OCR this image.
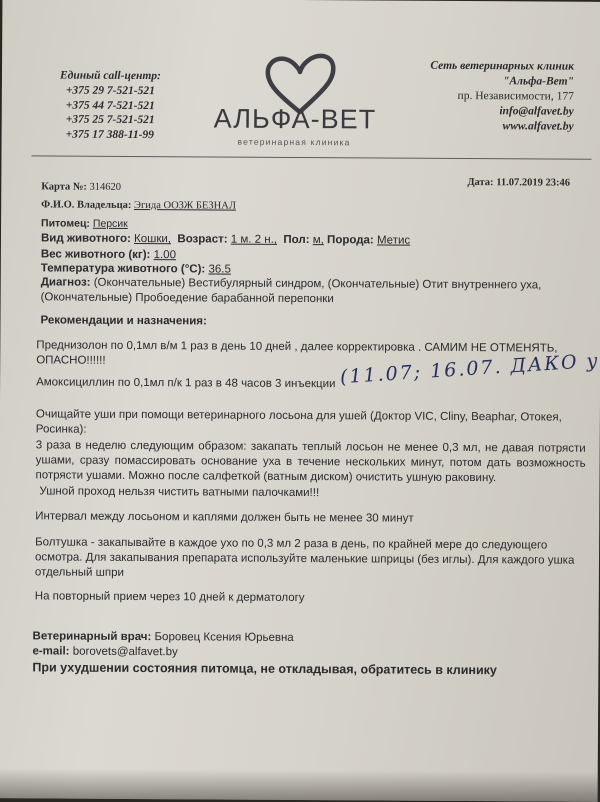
Единый call-центр:
+375 29 7-521-521
+375 44 7-521-521
+375 25 7-521-521
+375 17 388-11-99
АЛЬФА-ВЕТ
ветеринарная клиника
Сеть ветеринарных клиник
"Альфа-Вет"
пр. Независимости, 177
info@alfavet.by
www.alfavet.by
Карта №: 314620	Дата: 11.07.2019 23:46
Ф.И.О. Владельца: Эгида ООЗЖ БЕЗНАЛ
Питомец: Персик
Вид животного: Кошки, Возраст: 1 м. 2 н., Пол: м, Порода: Метис
Вес животного (кг): 1.00
Температура животного (°С): 36.5
Диагноз: (Окончательные) Вестибулярный синдром, (Окончательные) Отит внутреннего уха, (Окончательные) Пробоедение барабанной перепонки
Рекомендации и назначения:
Преднизолон по 0,1мл в/м 1 раз в день 10 дней , далее корректировка . САМИМ НЕ ОТМЕНЯТЬ, ОПАСНО!!!!!!
Амоксициллин по 0,1мл п/к 1 раз в 48 часов 3 инъекции (11.07; 16.07. ДАКО у
Очищайте уши при помощи ветеринарного лосьона для ушей (Доктор VIC, Cliny, Beaphar, Отокея, Росинка):
3 раза в неделю следующим образом: закапать теплый лосьон не менее 0,3 мл, не давая потрясти ушами, сразу помассировать основание уха в течение нескольких минут, потом дать возможность потрясти ушами. Можно после салфеткой (ватным диском) очистить ушную раковину.
Ушной проход нельзя чистить ватными палочками!!!
Интервал между лосьоном и каплями должен быть не менее 30 минут
Болтушка - закапывайте в каждое ухо по 0,3 мл 2 раза в день, по крайней мере до следующего осмотра. Для закапывания препарата используйте маленькие шприцы (без иглы). Для каждого ушка отдельный шпри
На повторный прием через 10 дней к дерматологу
Ветеринарный врач: Боровец Ксения Юрьевна
e-mail: borovets@alfavet.by
При ухудшении состояния питомца, не откладывая, обратитесь в клинику
